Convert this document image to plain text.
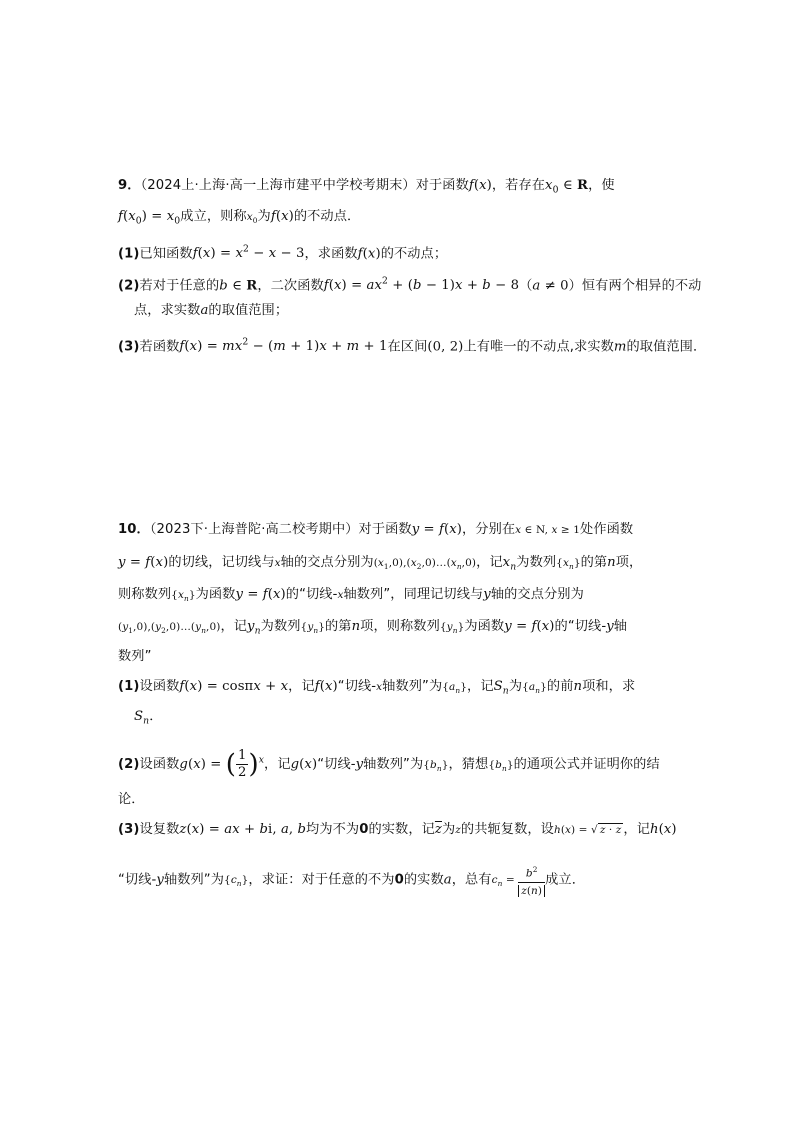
9．（2024上·上海·高一上海市建平中学校考期末）对于函数f(x)，若存在$x_0$ ∈ R，使
$f(x_0) = x_0$成立，则称$x_0$为f(x)的不动点．
(1)已知函数$f(x) = x^2 - x - 3$，求函数f(x)的不动点；
(2)若对于任意的b ∈ R，二次函数$f(x) = ax^2 + (b - 1)x + b - 8(a \ne 0)$恒有两个相异的不动
点，求实数a的取值范围；
(3)若函数$f(x) = mx^2 - (m + 1)x + m + 1$在区间(0, 2)上有唯一的不动点,求实数m的取值范围．
10．（2023下·上海普陀·高二校考期中）对于函数y = f(x)，分别在x ∈ N, x ≥ 1处作函数
y = f(x)的切线，记切线与x轴的交点分别为$(x_1,0),(x_2,0)\dots(x_n,0)$，记$x_n$为数列$\{x_n\}$的第n项，
则称数列$\{x_n\}$为函数y = f(x)的“切线-x轴数列”，同理记切线与y轴的交点分别为
$(y_1,0),(y_2,0)\dots(y_n,0)$，记$y_n$为数列$\{y_n\}$的第n项，则称数列$\{y_n\}$为函数y = f(x)的“切线-y轴
数列”
(1)设函数f(x) = cosπx + x，记f(x)“切线-x轴数列”为$\{a_n\}$，记$S_n$为$\{a_n\}$的前n项和，求
$S_n$．
(2)设函数g(x) = ( $\frac{1}{2} )^x$，记g(x)“切线-y轴数列”为$\{b_n\}$，猜想$\{b_n\}$的通项公式并证明你的结
论．
(3)设复数z(x) = ax + bi, a, b均为不为0的实数，记$\overline{z}$为z的共轭复数，设h(x) = √ $z \cdot \overline{z}$ ，记h(x)
“切线-y轴数列”为$\{c_n\}$，求证：对于任意的不为0的实数a，总有$c_n = \frac{b^2}{z(n)}$ 成立．
